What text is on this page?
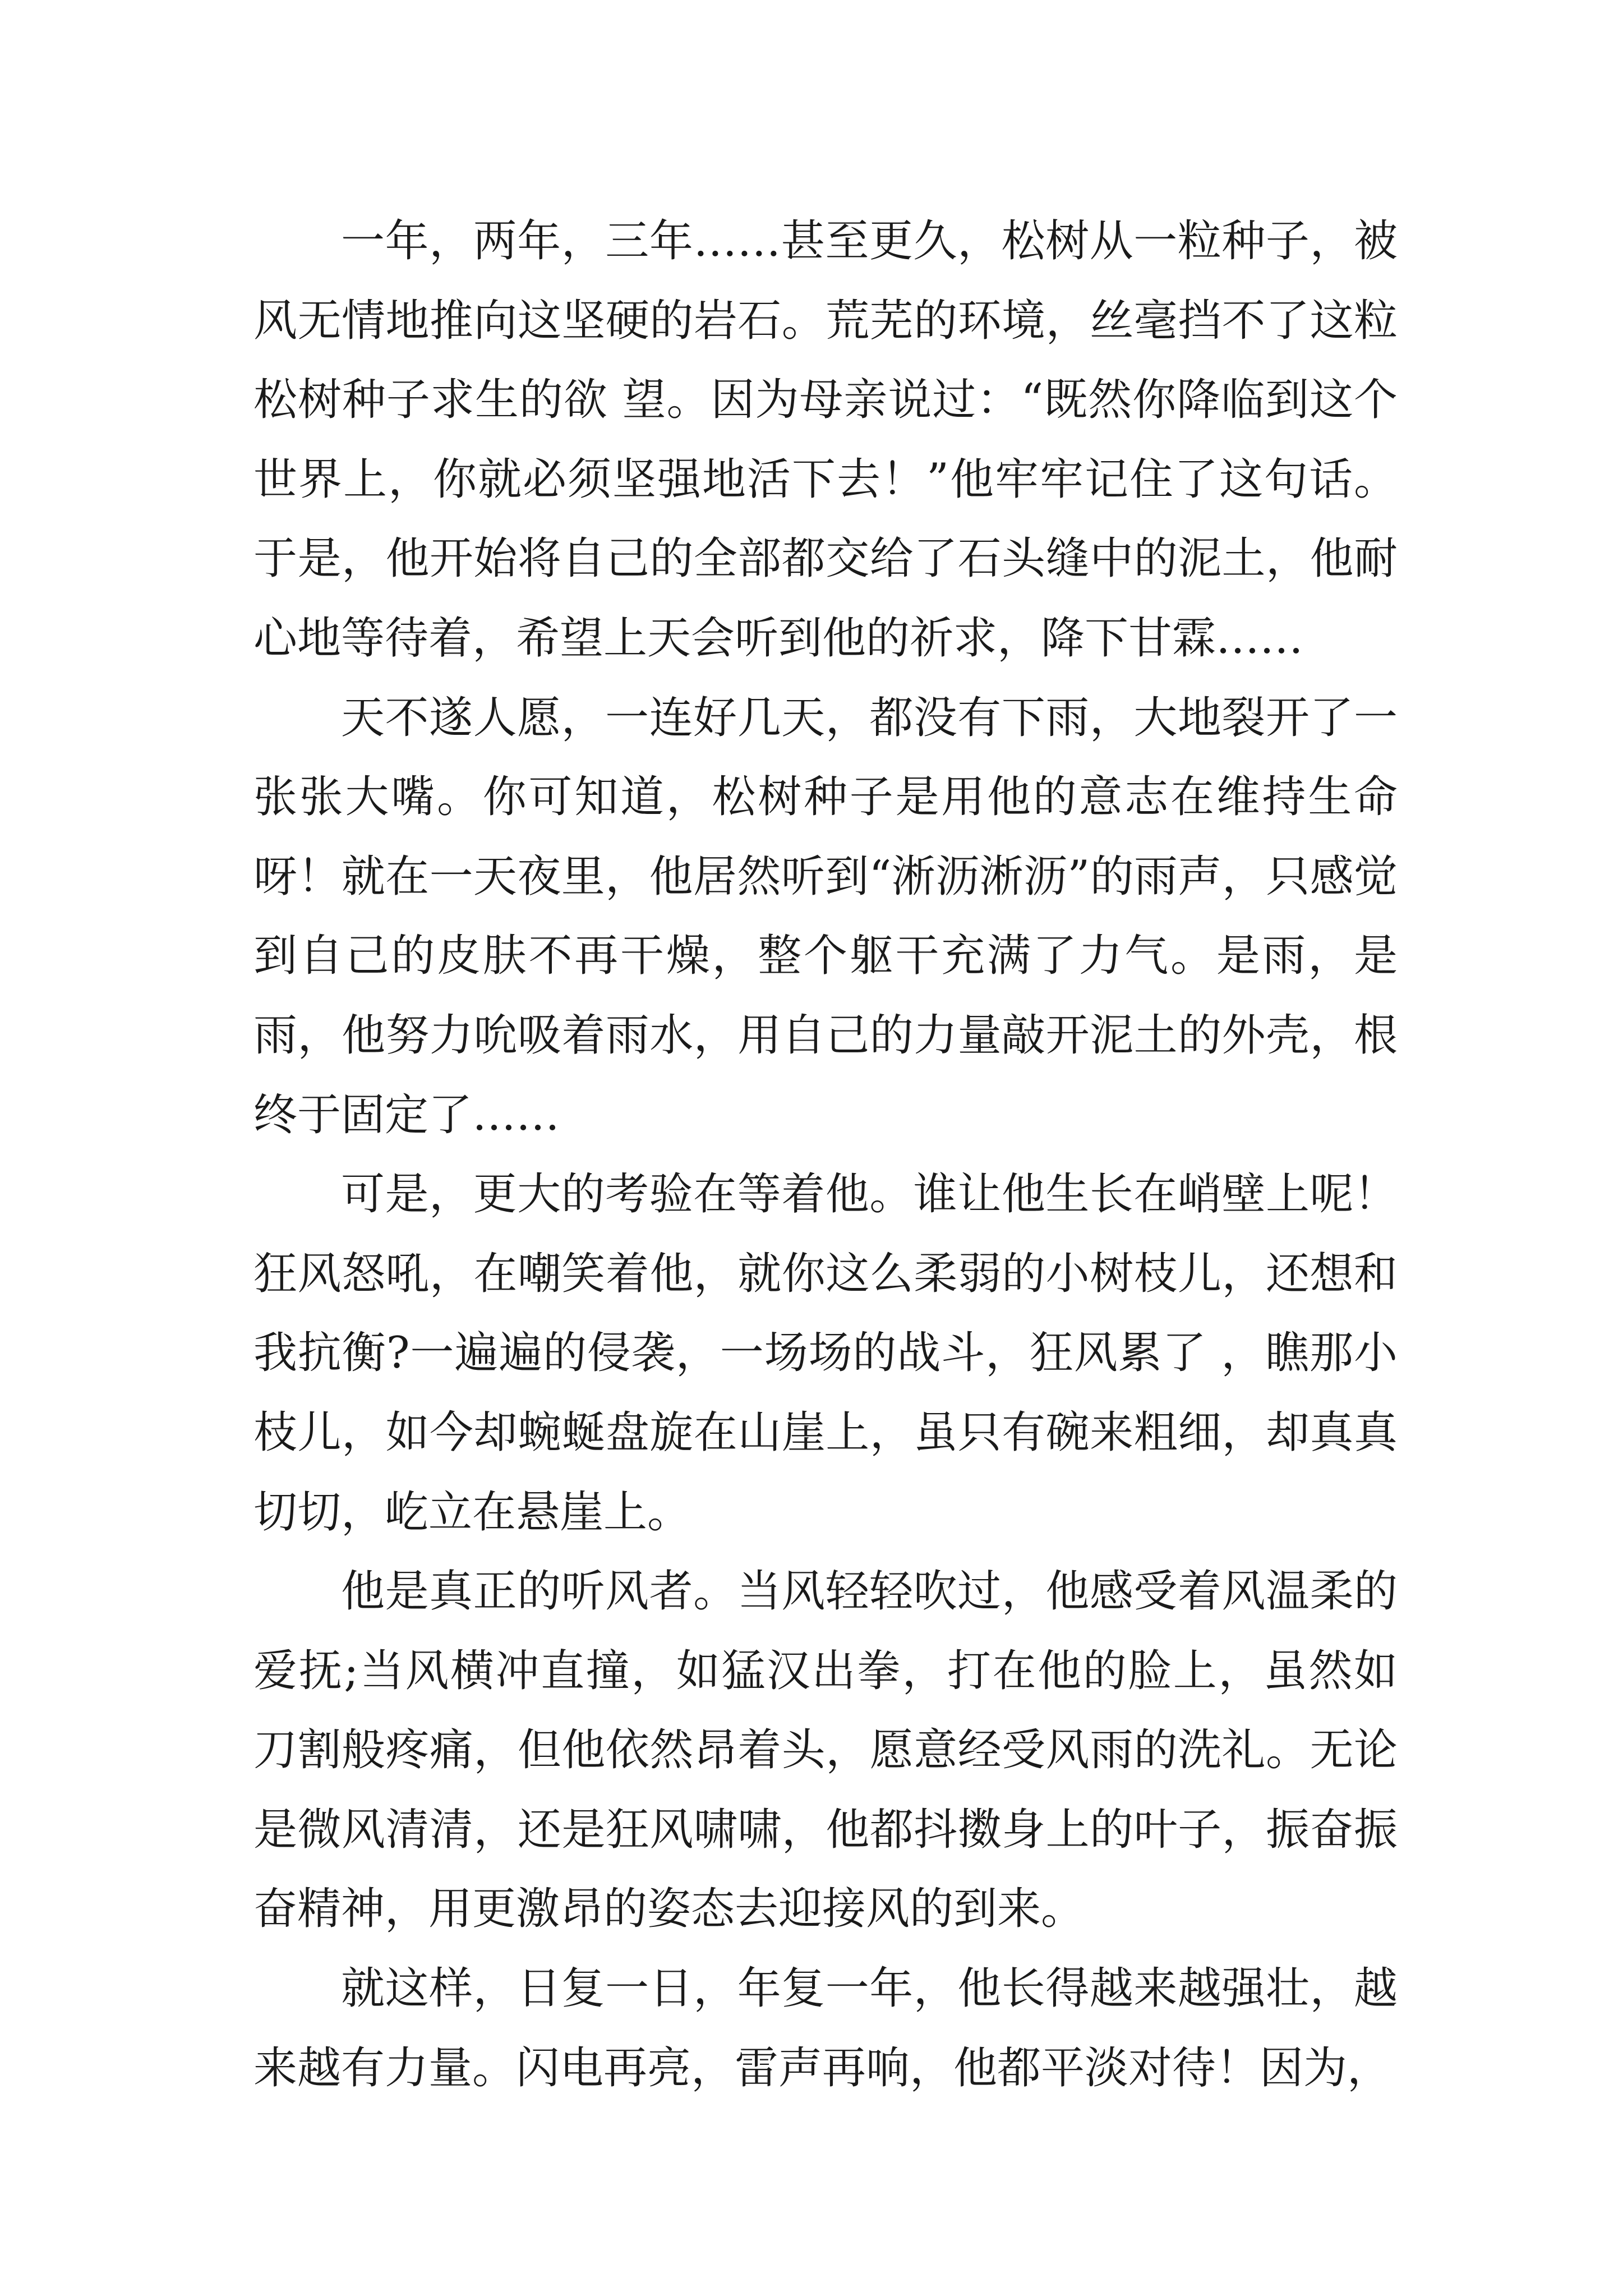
一年，两年，三年……甚至更久，松树从一粒种子，被风无情地推向这坚硬的岩石。荒芜的环境，丝毫挡不了这粒松树种子求生的欲 望。因为母亲说过：“既然你降临到这个世界上，你就必须坚强地活下去！”他牢牢记住了这句话。于是，他开始将自己的全部都交给了石头缝中的泥土，他耐心地等待着，希望上天会听到他的祈求，降下甘霖……

天不遂人愿，一连好几天，都没有下雨，大地裂开了一张张大嘴。你可知道，松树种子是用他的意志在维持生命呀！就在一天夜里，他居然听到“淅沥淅沥”的雨声，只感觉到自己的皮肤不再干燥，整个躯干充满了力气。是雨，是雨，他努力吮吸着雨水，用自己的力量敲开泥土的外壳，根终于固定了……

可是，更大的考验在等着他。谁让他生长在峭壁上呢！狂风怒吼，在嘲笑着他，就你这么柔弱的小树枝儿，还想和我抗衡?一遍遍的侵袭，一场场的战斗，狂风累了 ，瞧那小枝儿，如今却蜿蜒盘旋在山崖上，虽只有碗来粗细，却真真切切，屹立在悬崖上。

他是真正的听风者。当风轻轻吹过，他感受着风温柔的爱抚;当风横冲直撞，如猛汉出拳，打在他的脸上，虽然如刀割般疼痛，但他依然昂着头，愿意经受风雨的洗礼。无论是微风清清，还是狂风啸啸，他都抖擞身上的叶子，振奋振奋精神，用更激昂的姿态去迎接风的到来。

就这样，日复一日，年复一年，他长得越来越强壮，越来越有力量。闪电再亮，雷声再响，他都平淡对待！因为，
